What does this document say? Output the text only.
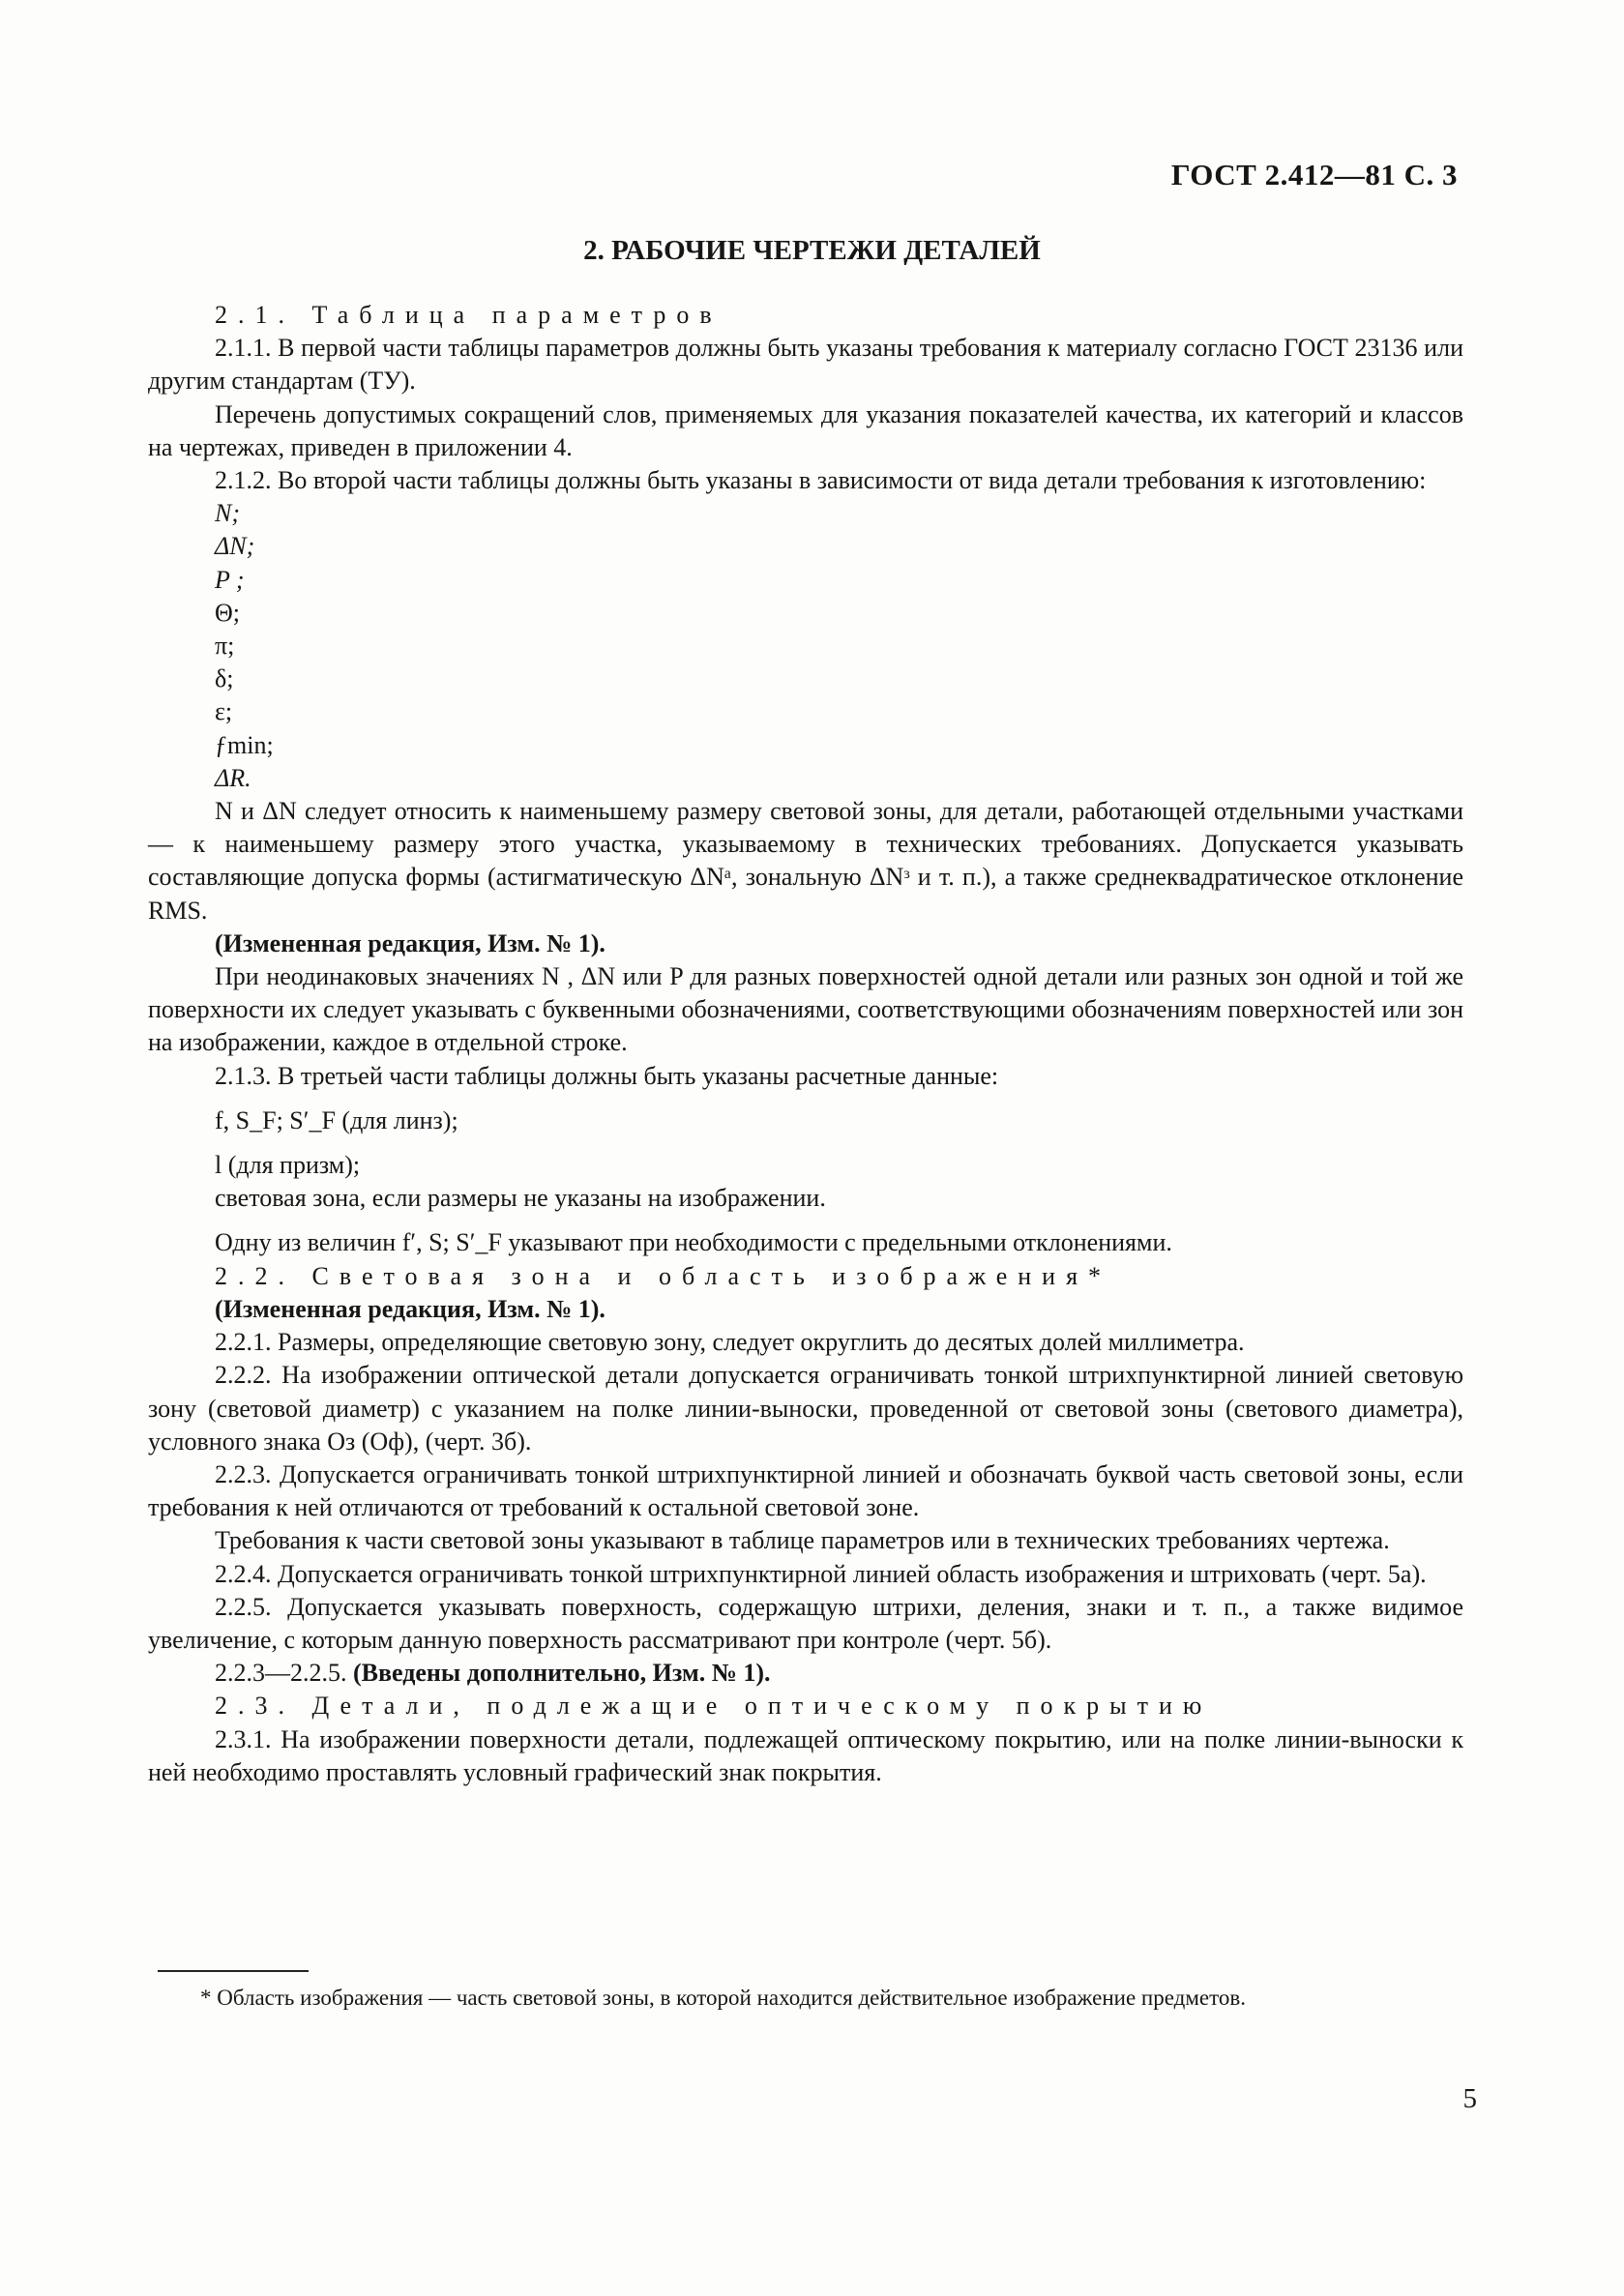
ГОСТ 2.412—81 С. 3
2. РАБОЧИЕ ЧЕРТЕЖИ ДЕТАЛЕЙ

2.1. Таблица параметров

2.1.1. В первой части таблицы параметров должны быть указаны требования к материалу согласно ГОСТ 23136 или другим стандартам (ТУ).

Перечень допустимых сокращений слов, применяемых для указания показателей качества, их категорий и классов на чертежах, приведен в приложении 4.

2.1.2. Во второй части таблицы должны быть указаны в зависимости от вида детали требования к изготовлению:

N;

ΔN;

P ;

Θ;

π;

δ;

ε;

ƒmin;

ΔR.

N и ΔN следует относить к наименьшему размеру световой зоны, для детали, работающей отдельными участками — к наименьшему размеру этого участка, указываемому в технических требованиях. Допускается указывать составляющие допуска формы (астигматическую ΔNᵃ, зональную ΔNᶟ и т. п.), а также среднеквадратическое отклонение RMS.

(Измененная редакция, Изм. № 1).

При неодинаковых значениях N , ΔN или P для разных поверхностей одной детали или разных зон одной и той же поверхности их следует указывать с буквенными обозначениями, соответствующими обозначениям поверхностей или зон на изображении, каждое в отдельной строке.

2.1.3. В третьей части таблицы должны быть указаны расчетные данные:

f, S_F; S′_F (для линз);

l (для призм);

световая зона, если размеры не указаны на изображении.

Одну из величин f′, S; S′_F указывают при необходимости с предельными отклонениями.

2.2. Световая зона и область изображения*

(Измененная редакция, Изм. № 1).

2.2.1. Размеры, определяющие световую зону, следует округлить до десятых долей миллиметра.

2.2.2. На изображении оптической детали допускается ограничивать тонкой штрихпунктирной линией световую зону (световой диаметр) с указанием на полке линии-выноски, проведенной от световой зоны (светового диаметра), условного знака Оз (Оф), (черт. 3б).

2.2.3. Допускается ограничивать тонкой штрихпунктирной линией и обозначать буквой часть световой зоны, если требования к ней отличаются от требований к остальной световой зоне.

Требования к части световой зоны указывают в таблице параметров или в технических требованиях чертежа.

2.2.4. Допускается ограничивать тонкой штрихпунктирной линией область изображения и штриховать (черт. 5а).

2.2.5. Допускается указывать поверхность, содержащую штрихи, деления, знаки и т. п., а также видимое увеличение, с которым данную поверхность рассматривают при контроле (черт. 5б).

2.2.3—2.2.5. (Введены дополнительно, Изм. № 1).

2.3. Детали, подлежащие оптическому покрытию

2.3.1. На изображении поверхности детали, подлежащей оптическому покрытию, или на полке линии-выноски к ней необходимо проставлять условный графический знак покрытия.

* Область изображения — часть световой зоны, в которой находится действительное изображение предметов.
5
